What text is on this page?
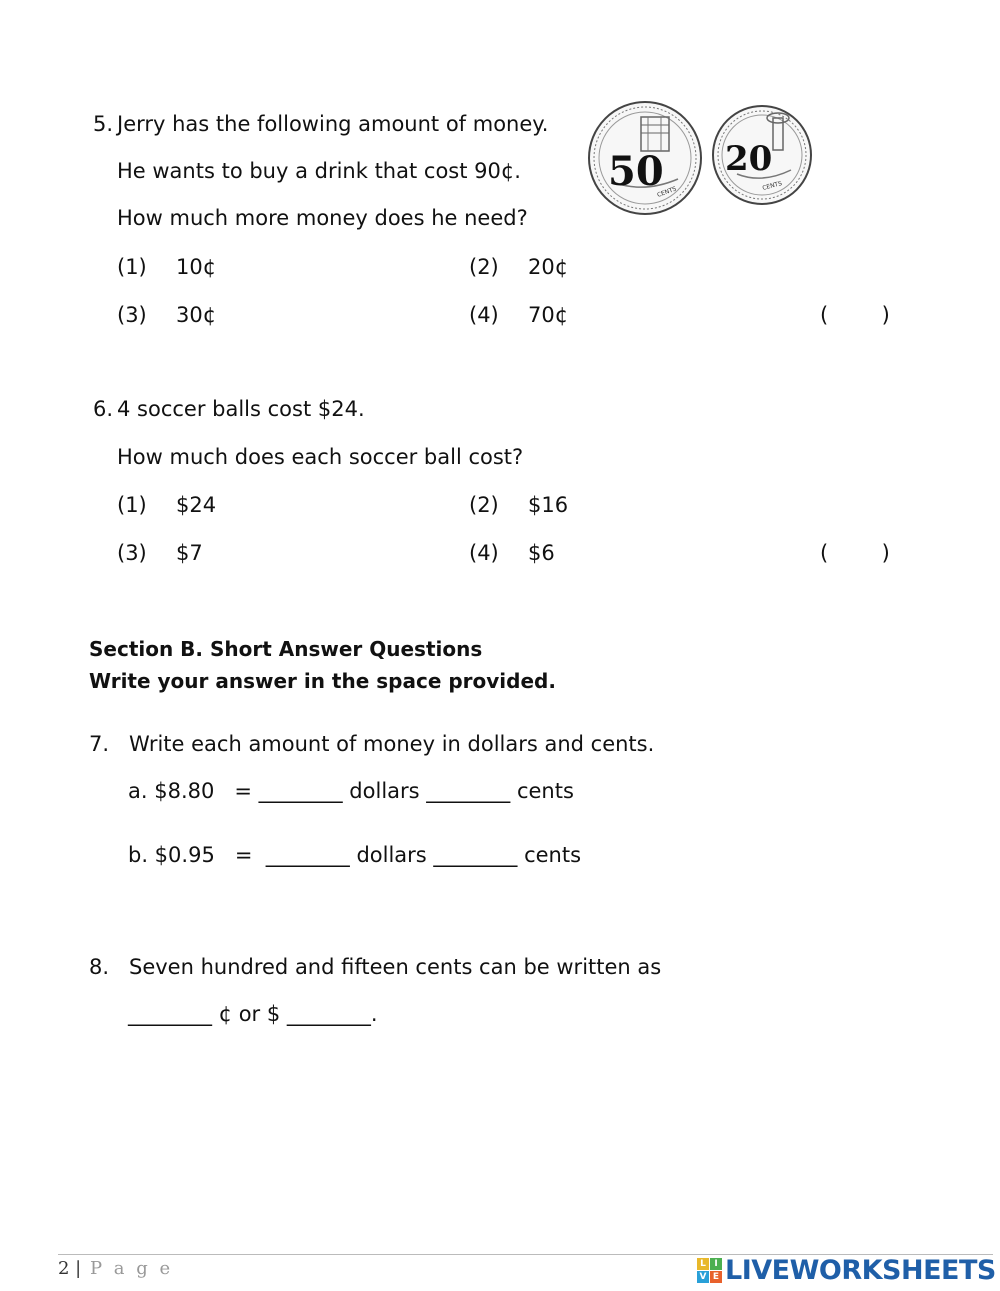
5. Jerry has the following amount of money.
He wants to buy a drink that cost 90¢.
How much more money does he need?
50
CENTS
20
CENTS
(1) 10¢	(2) 20¢
(3) 30¢	(4) 70¢	(        )
6. 4 soccer balls cost $24.
How much does each soccer ball cost?
(1) $24	(2) $16
(3) $7	(4) $6	(        )
Section B. Short Answer Questions
Write your answer in the space provided.
7. Write each amount of money in dollars and cents.
a. $8.80   = ________ dollars ________ cents
b. $0.95   =  ________ dollars ________ cents
8. Seven hundred and fifteen cents can be written as
________ ¢ or $ ________.
2 | P a g e	L I
V E LIVEWORKSHEETS
